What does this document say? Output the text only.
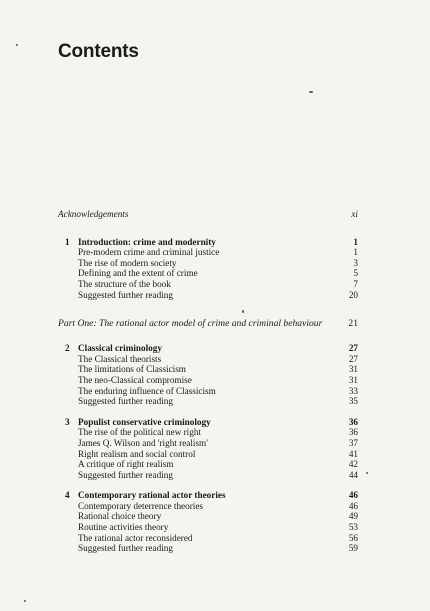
Contents
Acknowledgements	xi
1 Introduction: crime and modernity	1
Pre-modern crime and criminal justice	1
The rise of modern society	3
Defining and the extent of crime	5
The structure of the book	7
Suggested further reading	20
Part One: The rational actor model of crime and criminal behaviour	21
2 Classical criminology	27
The Classical theorists	27
The limitations of Classicism	31
The neo-Classical compromise	31
The enduring influence of Classicism	33
Suggested further reading	35
3 Populist conservative criminology	36
The rise of the political new right	36
James Q. Wilson and 'right realism'	37
Right realism and social control	41
A critique of right realism	42
Suggested further reading	44
4 Contemporary rational actor theories	46
Contemporary deterrence theories	46
Rational choice theory	49
Routine activities theory	53
The rational actor reconsidered	56
Suggested further reading	59
